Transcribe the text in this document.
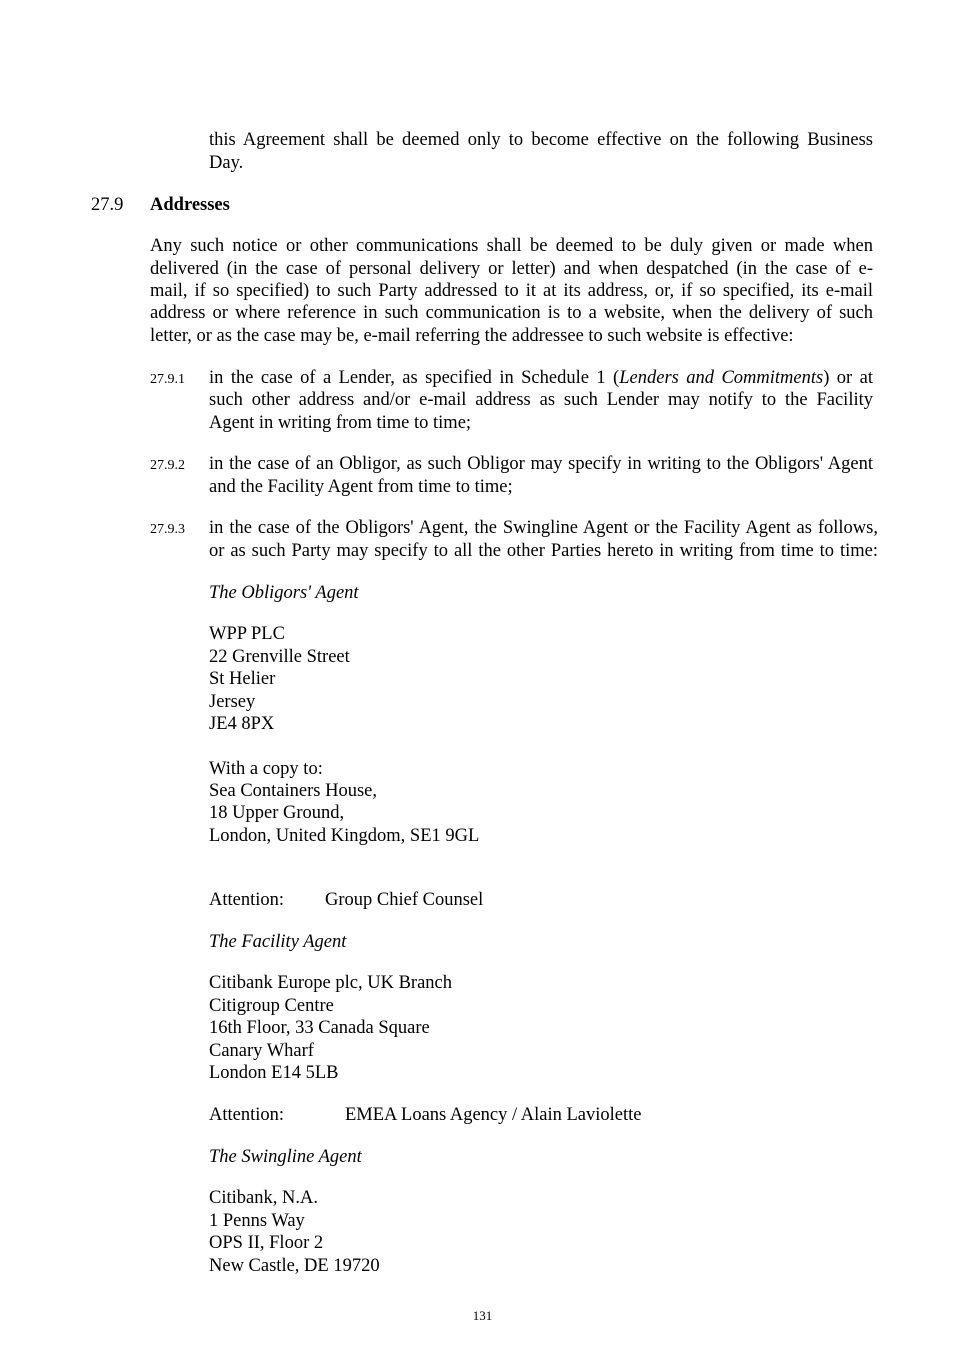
this Agreement shall be deemed only to become effective on the following Business
Day.
27.9 Addresses
Any such notice or other communications shall be deemed to be duly given or made when
delivered (in the case of personal delivery or letter) and when despatched (in the case of e-
mail, if so specified) to such Party addressed to it at its address, or, if so specified, its e-mail
address or where reference in such communication is to a website, when the delivery of such
letter, or as the case may be, e-mail referring the addressee to such website is effective:
27.9.1 in the case of a Lender, as specified in Schedule 1 (Lenders and Commitments) or at
such other address and/or e-mail address as such Lender may notify to the Facility
Agent in writing from time to time;
27.9.2 in the case of an Obligor, as such Obligor may specify in writing to the Obligors' Agent
and the Facility Agent from time to time;
27.9.3 in the case of the Obligors' Agent, the Swingline Agent or the Facility Agent as follows,
or as such Party may specify to all the other Parties hereto in writing from time to time:
The Obligors' Agent
WPP PLC
22 Grenville Street
St Helier
Jersey
JE4 8PX
With a copy to:
Sea Containers House,
18 Upper Ground,
London, United Kingdom, SE1 9GL
Attention: Group Chief Counsel
The Facility Agent
Citibank Europe plc, UK Branch
Citigroup Centre
16th Floor, 33 Canada Square
Canary Wharf
London E14 5LB
Attention:	EMEA Loans Agency / Alain Laviolette
The Swingline Agent
Citibank, N.A.
1 Penns Way
OPS II, Floor 2
New Castle, DE 19720
131
